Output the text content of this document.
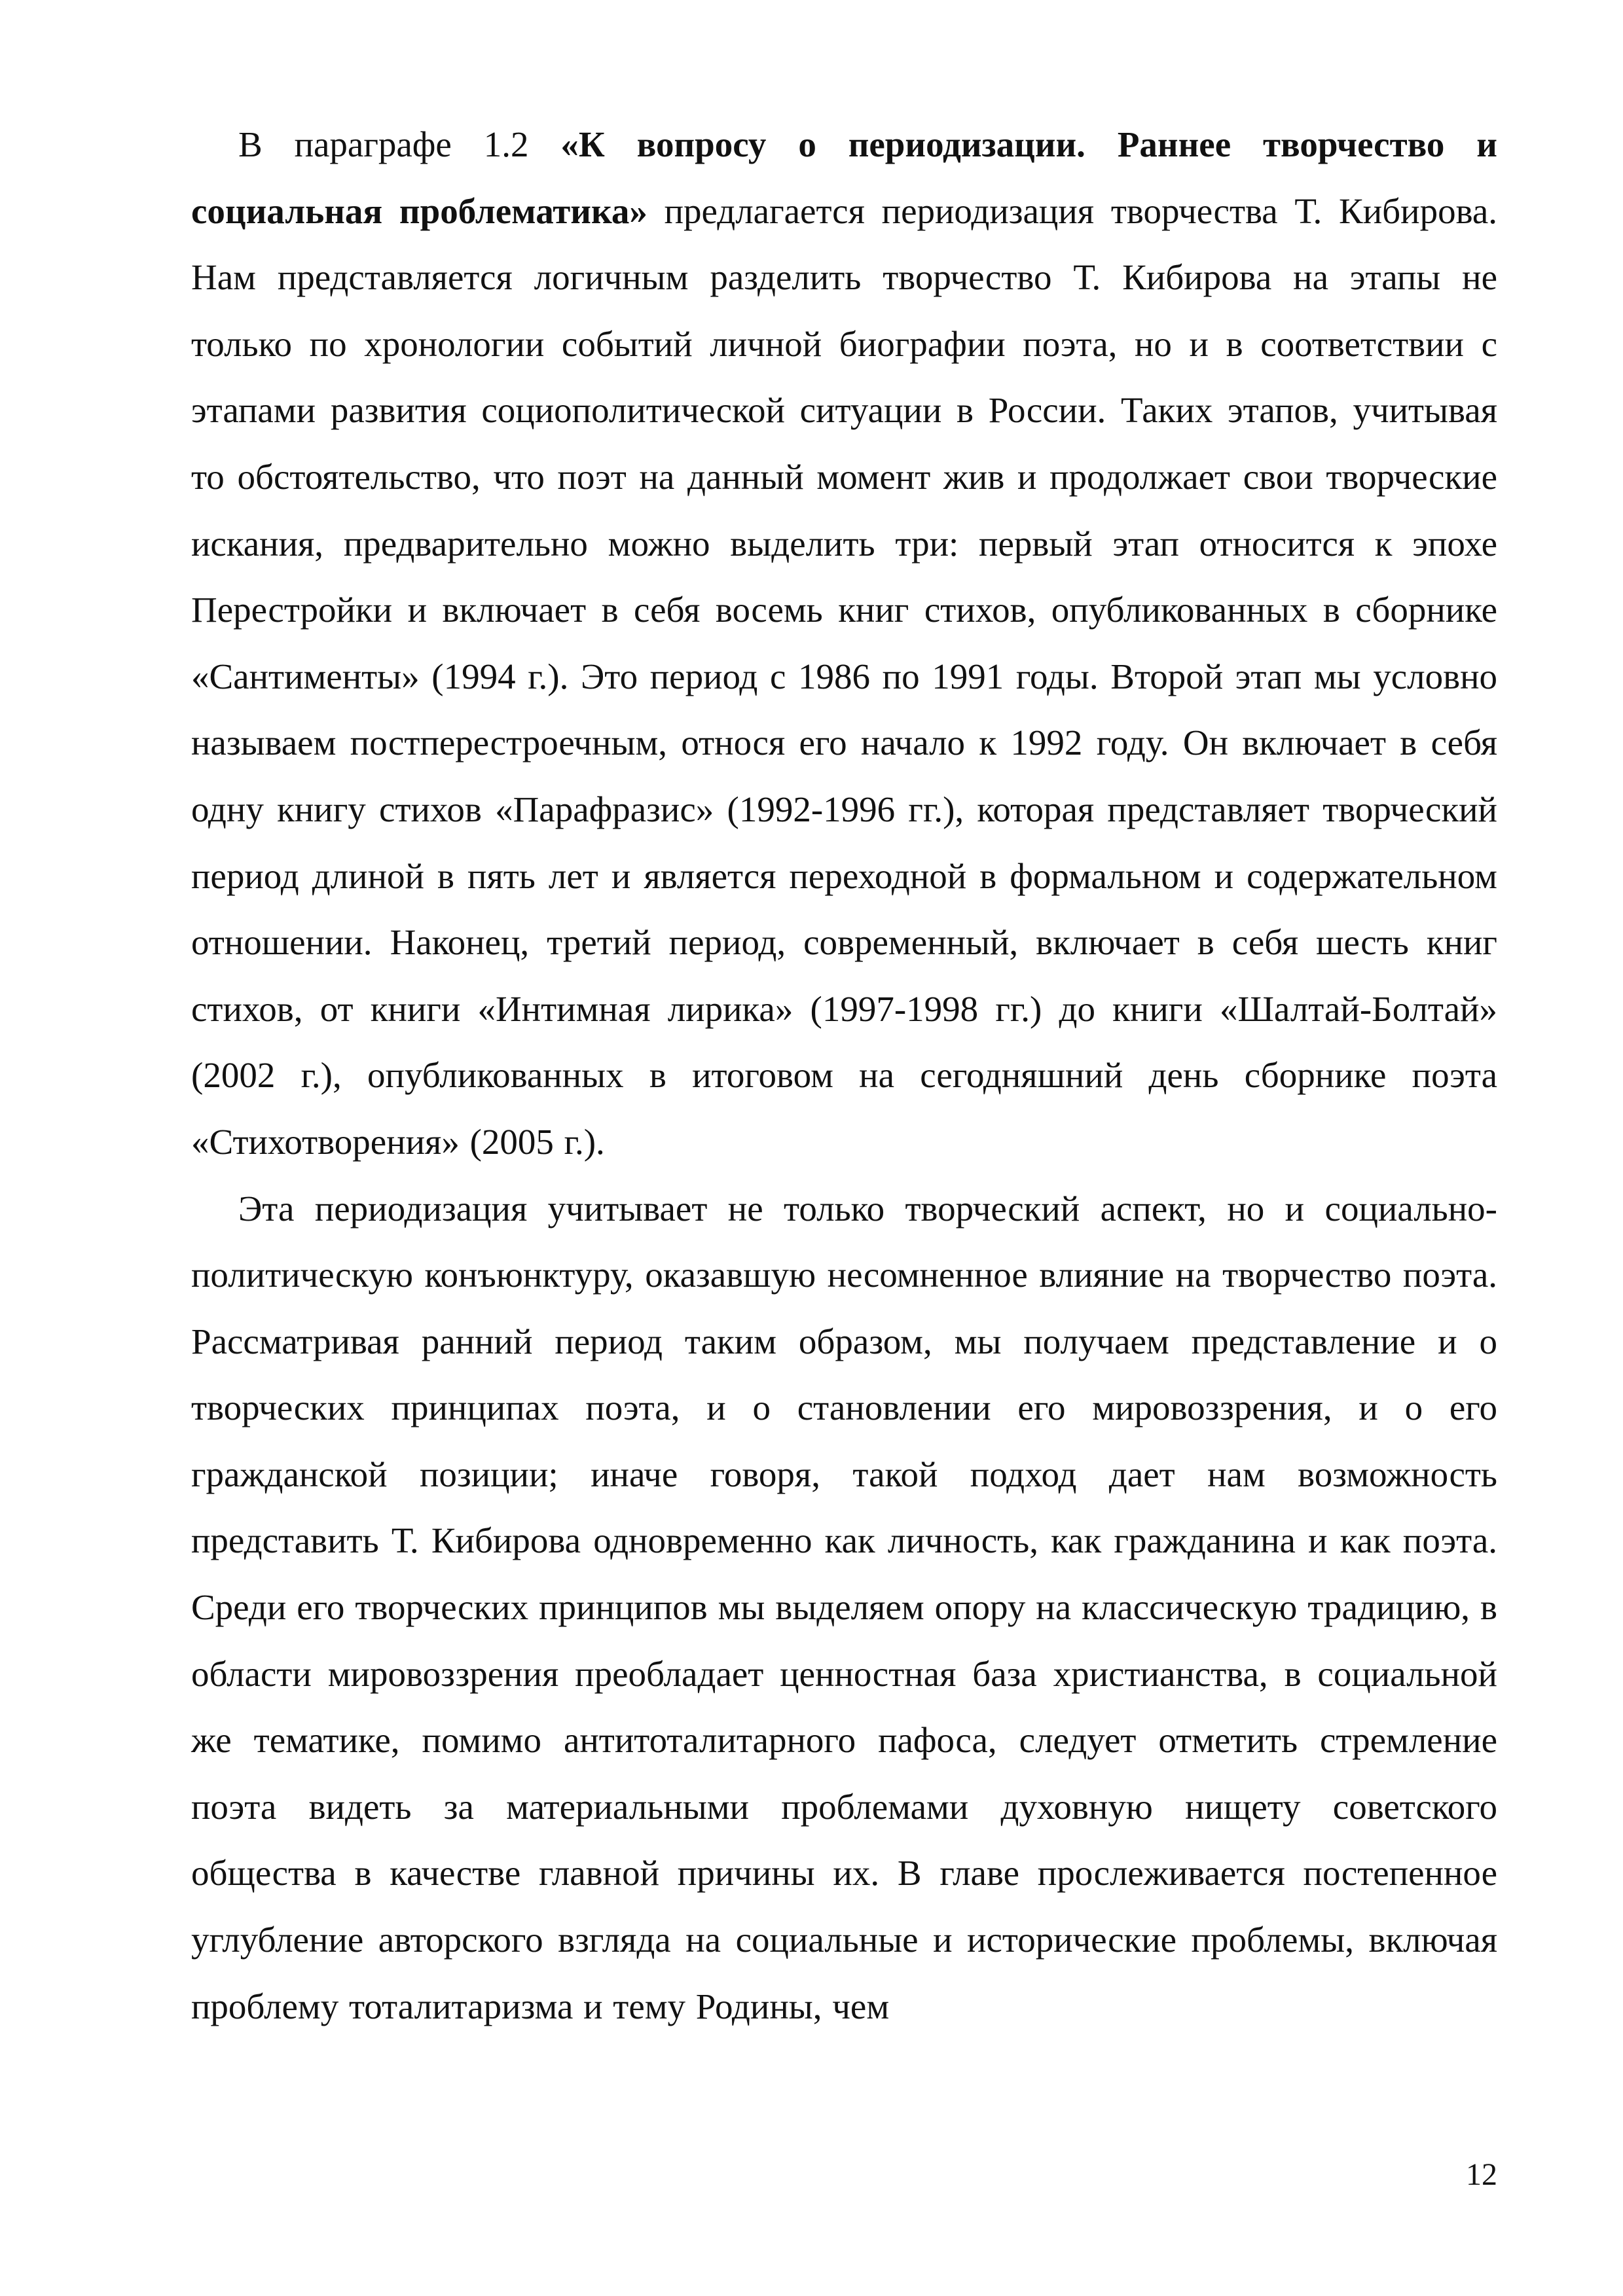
В параграфе 1.2 «К вопросу о периодизации. Раннее творчество и социальная проблематика» предлагается периодизация творчества Т. Кибирова. Нам представляется логичным разделить творчество Т. Кибирова на этапы не только по хронологии событий личной биографии поэта, но и в соответствии с этапами развития социополитической ситуации в России. Таких этапов, учитывая то обстоятельство, что поэт на данный момент жив и продолжает свои творческие искания, предварительно можно выделить три: первый этап относится к эпохе Перестройки и включает в себя восемь книг стихов, опубликованных в сборнике «Сантименты» (1994 г.). Это период с 1986 по 1991 годы. Второй этап мы условно называем постперестроечным, относя его начало к 1992 году. Он включает в себя одну книгу стихов «Парафразис» (1992-1996 гг.), которая представляет творческий период длиной в пять лет и является переходной в формальном и содержательном отношении. Наконец, третий период, современный, включает в себя шесть книг стихов, от книги «Интимная лирика» (1997-1998 гг.) до книги «Шалтай-Болтай» (2002 г.), опубликованных в итоговом на сегодняшний день сборнике поэта «Стихотворения» (2005 г.).

Эта периодизация учитывает не только творческий аспект, но и социально-политическую конъюнктуру, оказавшую несомненное влияние на творчество поэта. Рассматривая ранний период таким образом, мы получаем представление и о творческих принципах поэта, и о становлении его мировоззрения, и о его гражданской позиции; иначе говоря, такой подход дает нам возможность представить Т. Кибирова одновременно как личность, как гражданина и как поэта. Среди его творческих принципов мы выделяем опору на классическую традицию, в области мировоззрения преобладает ценностная база христианства, в социальной же тематике, помимо антитоталитарного пафоса, следует отметить стремление поэта видеть за материальными проблемами духовную нищету советского общества в качестве главной причины их. В главе прослеживается постепенное углубление авторского взгляда на социальные и исторические проблемы, включая проблему тоталитаризма и тему Родины, чем

12
